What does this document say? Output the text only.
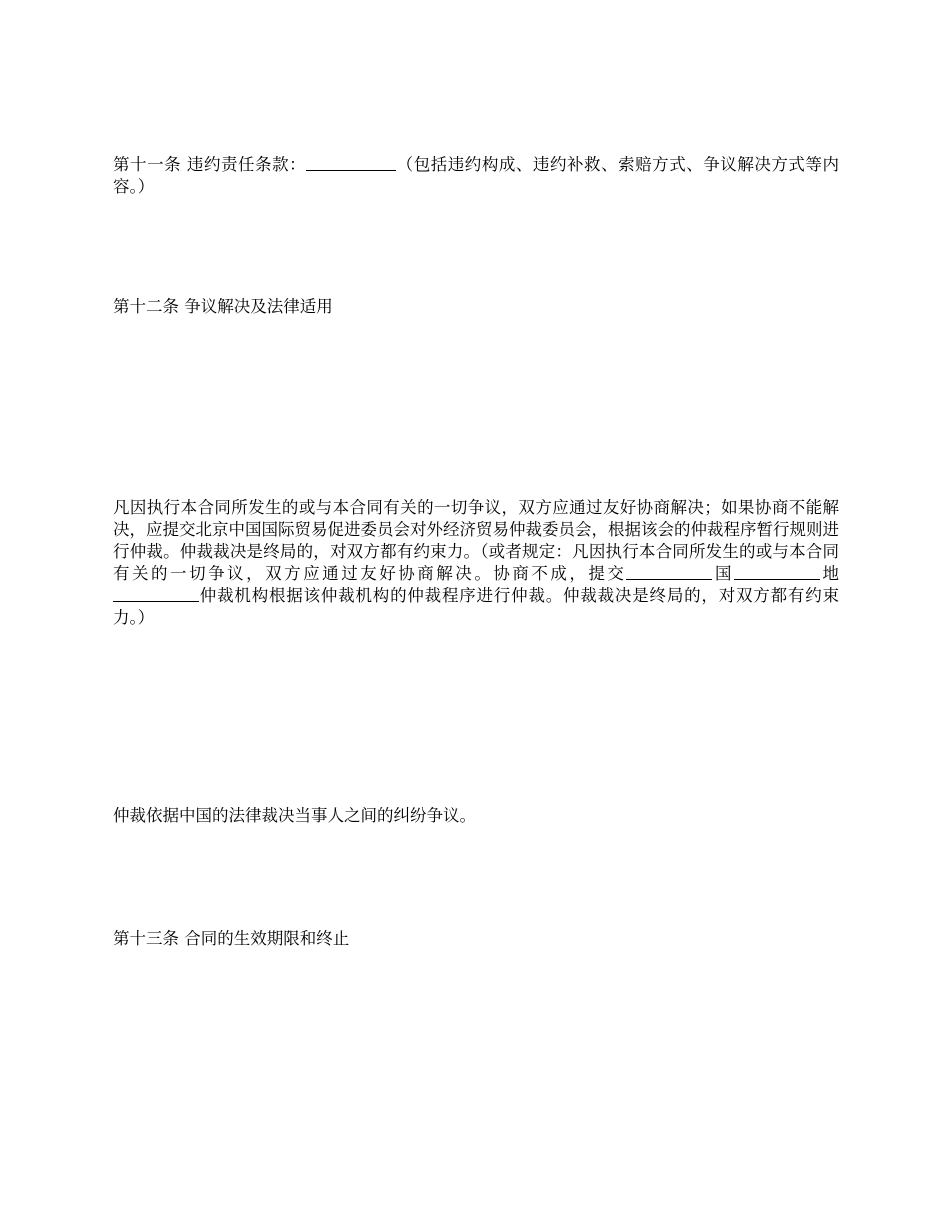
第十一条 违约责任条款：	（包括违约构成、违约补救、索赔方式、争议解决方式等内容。）

第十二条 争议解决及法律适用

凡因执行本合同所发生的或与本合同有关的一切争议，双方应通过友好协商解决；如果协商不能解决，应提交北京中国国际贸易促进委员会对外经济贸易仲裁委员会，根据该会的仲裁程序暂行规则进行仲裁。仲裁裁决是终局的，对双方都有约束力。（或者规定：凡因执行本合同所发生的或与本合同有关的一切争议，双方应通过友好协商解决。协商不成，提交	国	地仲裁机构根据该仲裁机构的仲裁程序进行仲裁。仲裁裁决是终局的，对双方都有约束力。）

仲裁依据中国的法律裁决当事人之间的纠纷争议。

第十三条 合同的生效期限和终止
